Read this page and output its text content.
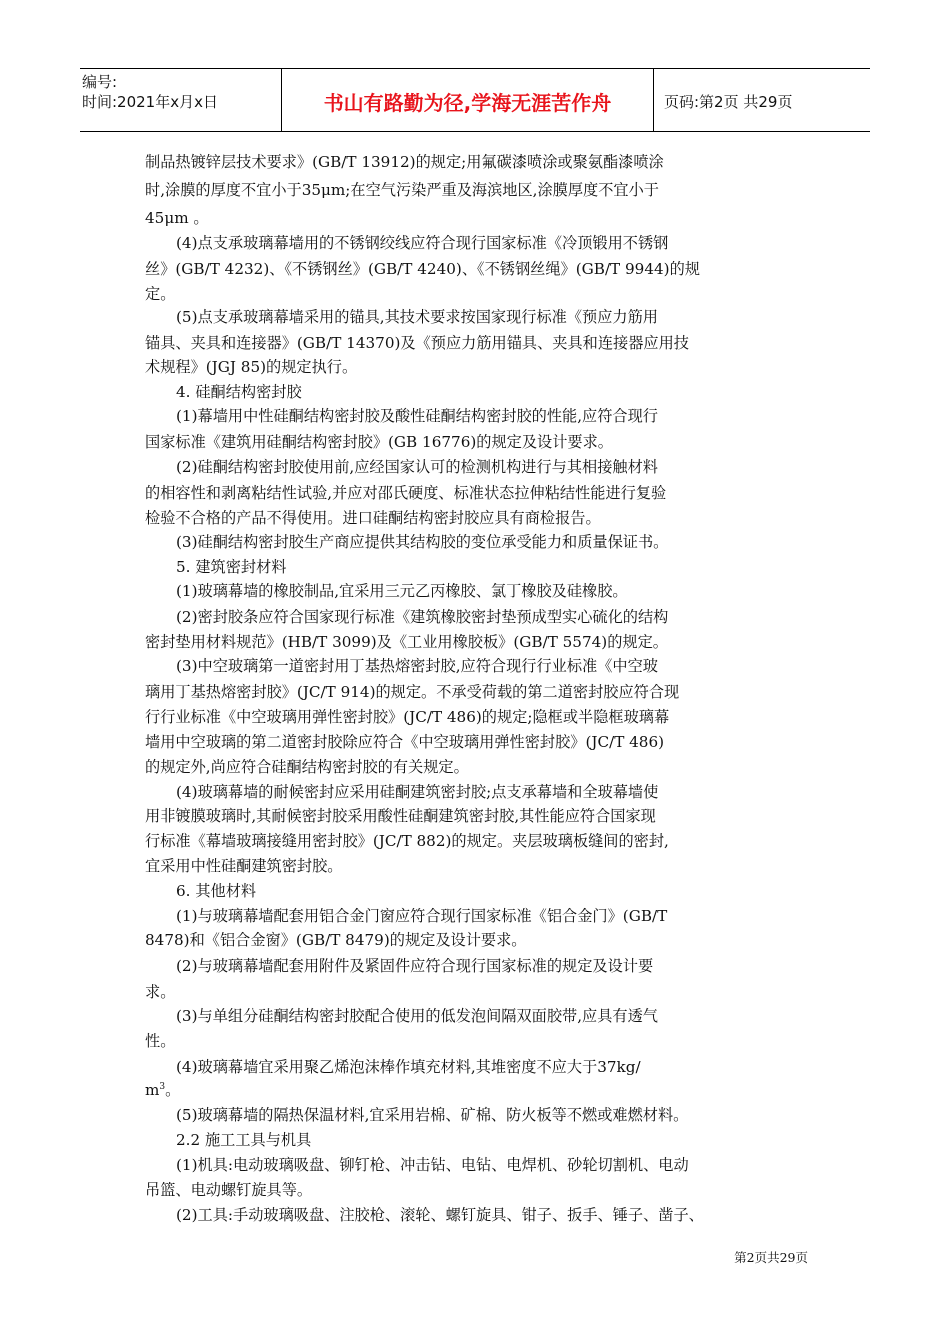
编号:
时间:2021年x月x日	书山有路勤为径,学海无涯苦作舟	页码:第2页 共29页
制品热镀锌层技术要求》(GB/T 13912)的规定;用氟碳漆喷涂或聚氨酯漆喷涂
时,涂膜的厚度不宜小于35μm;在空气污染严重及海滨地区,涂膜厚度不宜小于
45μm 。
(4)点支承玻璃幕墙用的不锈钢绞线应符合现行国家标准《冷顶锻用不锈钢
丝》(GB/T 4232)、《不锈钢丝》(GB/T 4240)、《不锈钢丝绳》(GB/T 9944)的规
定。
(5)点支承玻璃幕墙采用的锚具,其技术要求按国家现行标准《预应力筋用
锚具、夹具和连接器》(GB/T 14370)及《预应力筋用锚具、夹具和连接器应用技
术规程》(JGJ 85)的规定执行。
4. 硅酮结构密封胶
(1)幕墙用中性硅酮结构密封胶及酸性硅酮结构密封胶的性能,应符合现行
国家标准《建筑用硅酮结构密封胶》(GB 16776)的规定及设计要求。
(2)硅酮结构密封胶使用前,应经国家认可的检测机构进行与其相接触材料
的相容性和剥离粘结性试验,并应对邵氏硬度、标准状态拉伸粘结性能进行复验
检验不合格的产品不得使用。进口硅酮结构密封胶应具有商检报告。
(3)硅酮结构密封胶生产商应提供其结构胶的变位承受能力和质量保证书。
5. 建筑密封材料
(1)玻璃幕墙的橡胶制品,宜采用三元乙丙橡胶、氯丁橡胶及硅橡胶。
(2)密封胶条应符合国家现行标准《建筑橡胶密封垫预成型实心硫化的结构
密封垫用材料规范》(HB/T 3099)及《工业用橡胶板》(GB/T 5574)的规定。
(3)中空玻璃第一道密封用丁基热熔密封胶,应符合现行行业标准《中空玻
璃用丁基热熔密封胶》(JC/T 914)的规定。不承受荷载的第二道密封胶应符合现
行行业标准《中空玻璃用弹性密封胶》(JC/T 486)的规定;隐框或半隐框玻璃幕
墙用中空玻璃的第二道密封胶除应符合《中空玻璃用弹性密封胶》(JC/T 486)
的规定外,尚应符合硅酮结构密封胶的有关规定。
(4)玻璃幕墙的耐候密封应采用硅酮建筑密封胶;点支承幕墙和全玻幕墙使
用非镀膜玻璃时,其耐候密封胶采用酸性硅酮建筑密封胶,其性能应符合国家现
行标准《幕墙玻璃接缝用密封胶》(JC/T 882)的规定。夹层玻璃板缝间的密封,
宜采用中性硅酮建筑密封胶。
6. 其他材料
(1)与玻璃幕墙配套用铝合金门窗应符合现行国家标准《铝合金门》(GB/T
8478)和《铝合金窗》(GB/T 8479)的规定及设计要求。
(2)与玻璃幕墙配套用附件及紧固件应符合现行国家标准的规定及设计要
求。
(3)与单组分硅酮结构密封胶配合使用的低发泡间隔双面胶带,应具有透气
性。
(4)玻璃幕墙宜采用聚乙烯泡沫棒作填充材料,其堆密度不应大于37kg/
$m^3$。
(5)玻璃幕墙的隔热保温材料,宜采用岩棉、矿棉、防火板等不燃或难燃材料。
2.2 施工工具与机具
(1)机具:电动玻璃吸盘、铆钉枪、冲击钻、电钻、电焊机、砂轮切割机、电动
吊篮、电动螺钉旋具等。
(2)工具:手动玻璃吸盘、注胶枪、滚轮、螺钉旋具、钳子、扳手、锤子、凿子、
第2页共29页
